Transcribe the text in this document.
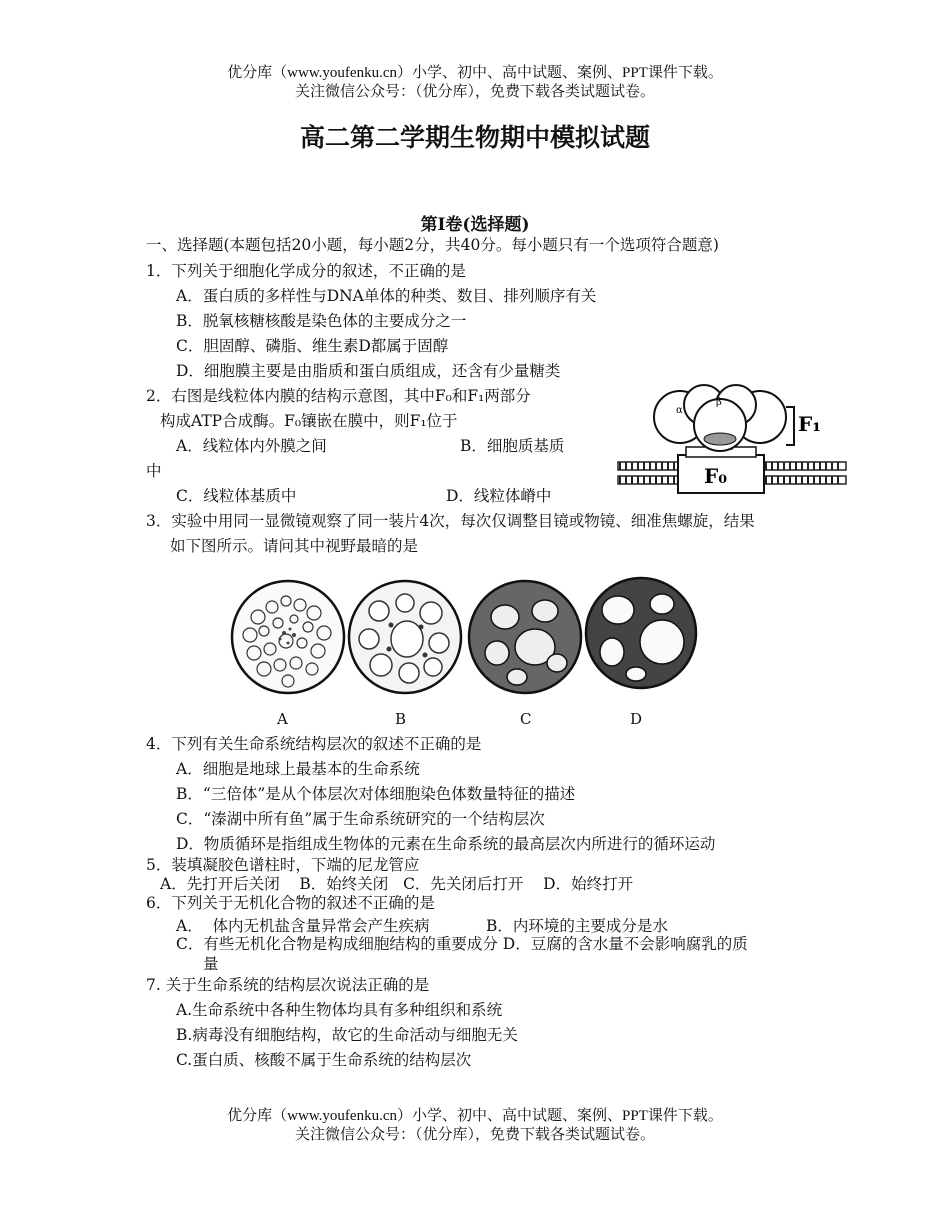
优分库（www.youfenku.cn）小学、初中、高中试题、案例、PPT课件下载。
关注微信公众号：（优分库），免费下载各类试题试卷。
高二第二学期生物期中模拟试题
第Ⅰ卷(选择题)
一、选择题(本题包括20小题，每小题2分，共40分。每小题只有一个选项符合题意)
1．下列关于细胞化学成分的叙述，不正确的是
A．蛋白质的多样性与DNA单体的种类、数目、排列顺序有关
B．脱氧核糖核酸是染色体的主要成分之一
C．胆固醇、磷脂、维生素D都属于固醇
D．细胞膜主要是由脂质和蛋白质组成，还含有少量糖类
2．右图是线粒体内膜的结构示意图，其中F₀和F₁两部分
构成ATP合成酶。F₀镶嵌在膜中，则F₁位于
A．线粒体内外膜之间	B．细胞质基质
中
C．线粒体基质中	D．线粒体嵴中
α
β
F₁
F₀
3．实验中用同一显微镜观察了同一装片4次，每次仅调整目镜或物镜、细准焦螺旋，结果
如下图所示。请问其中视野最暗的是
A	B	C	D
4．下列有关生命系统结构层次的叙述不正确的是
A．细胞是地球上最基本的生命系统
B．“三倍体”是从个体层次对体细胞染色体数量特征的描述
C．“溱湖中所有鱼”属于生命系统研究的一个结构层次
D．物质循环是指组成生物体的元素在生命系统的最高层次内所进行的循环运动
5．装填凝胶色谱柱时，下端的尼龙管应
A．先打开后关闭    B．始终关闭   C．先关闭后打开    D．始终打开
6．下列关于无机化合物的叙述不正确的是
A．  体内无机盐含量异常会产生疾病	B．内环境的主要成分是水
C．有些无机化合物是构成细胞结构的重要成分 D．豆腐的含水量不会影响腐乳的质
量
7. 关于生命系统的结构层次说法正确的是
A.生命系统中各种生物体均具有多种组织和系统
B.病毒没有细胞结构，故它的生命活动与细胞无关
C.蛋白质、核酸不属于生命系统的结构层次
优分库（www.youfenku.cn）小学、初中、高中试题、案例、PPT课件下载。
关注微信公众号：（优分库），免费下载各类试题试卷。
